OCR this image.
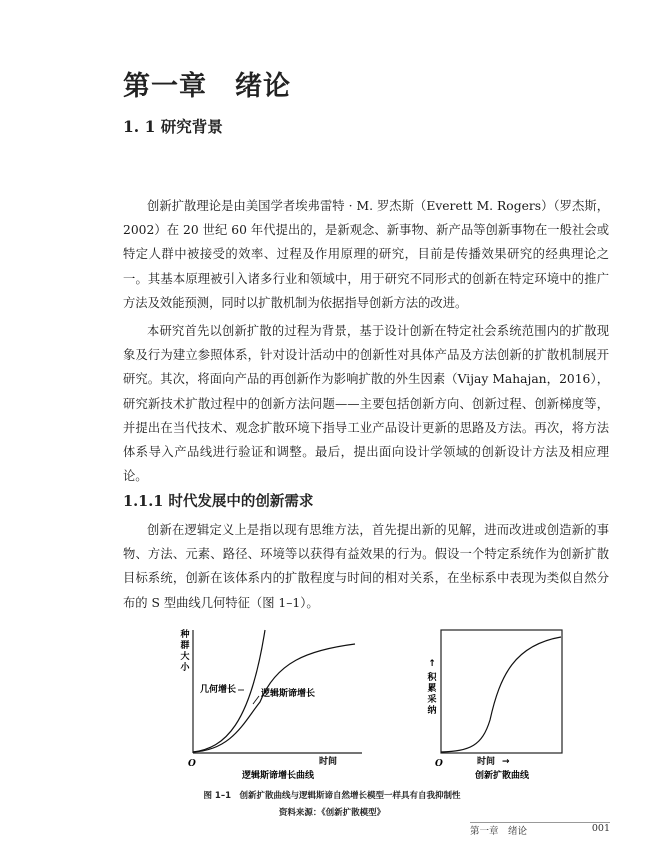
第一章　绪论
1. 1 研究背景

创新扩散理论是由美国学者埃弗雷特 · M. 罗杰斯（Everett M. Rogers）（罗杰斯，2002）在 20 世纪 60 年代提出的，是新观念、新事物、新产品等创新事物在一般社会或特定人群中被接受的效率、过程及作用原理的研究，目前是传播效果研究的经典理论之一。其基本原理被引入诸多行业和领域中，用于研究不同形式的创新在特定环境中的推广方法及效能预测，同时以扩散机制为依据指导创新方法的改进。

本研究首先以创新扩散的过程为背景，基于设计创新在特定社会系统范围内的扩散现象及行为建立参照体系，针对设计活动中的创新性对具体产品及方法创新的扩散机制展开研究。其次，将面向产品的再创新作为影响扩散的外生因素（Vijay Mahajan，2016），研究新技术扩散过程中的创新方法问题——主要包括创新方向、创新过程、创新梯度等，并提出在当代技术、观念扩散环境下指导工业产品设计更新的思路及方法。再次，将方法体系导入产品线进行验证和调整。最后，提出面向设计学领域的创新设计方法及相应理论。

1.1.1 时代发展中的创新需求

创新在逻辑定义上是指以现有思维方法，首先提出新的见解，进而改进或创造新的事物、方法、元素、路径、环境等以获得有益效果的行为。假设一个特定系统作为创新扩散目标系统，创新在该体系内的扩散程度与时间的相对关系，在坐标系中表现为类似自然分布的 S 型曲线几何特征（图 1–1）。

种
群
大
小
几何增长	逻辑斯谛增长
O	时间
逻辑斯谛增长曲线
↑
积
累
采
纳
O	时间 →
创新扩散曲线
图 1–1　创新扩散曲线与逻辑斯谛自然增长模型一样具有自我抑制性
资料来源：《创新扩散模型》
第一章　绪论	001
